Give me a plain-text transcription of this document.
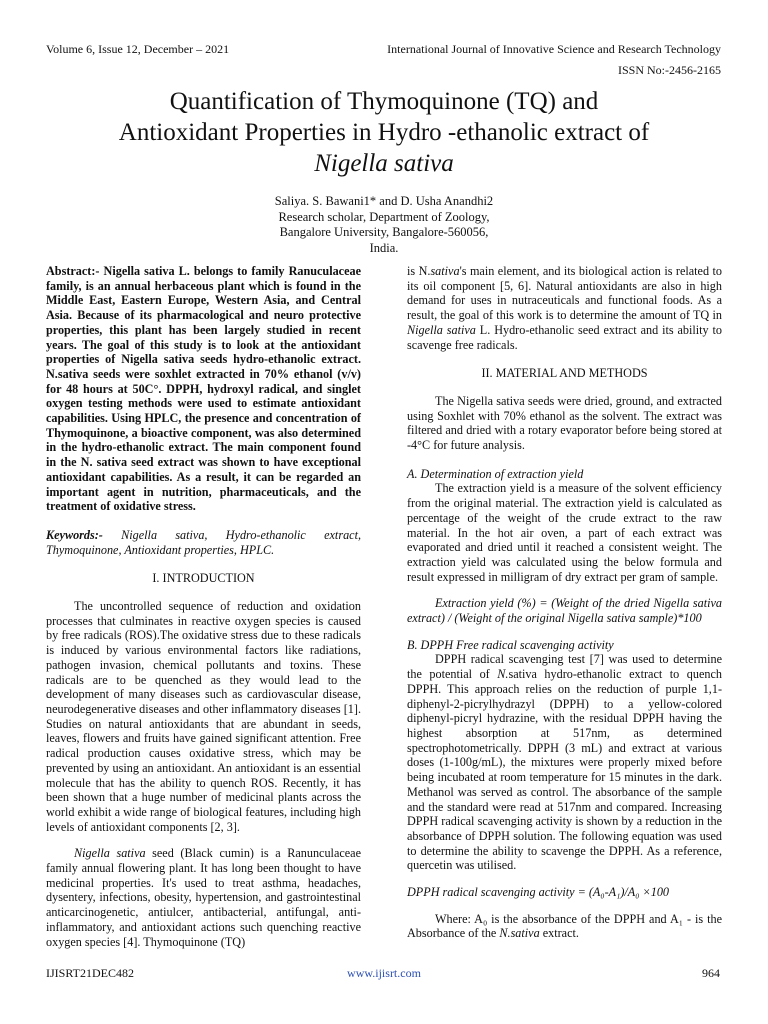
Volume 6, Issue 12, December – 2021	International Journal of Innovative Science and Research Technology
ISSN No:-2456-2165
Quantification of Thymoquinone (TQ) and
Antioxidant Properties in Hydro -ethanolic extract of
Nigella sativa
Saliya. S. Bawani1* and D. Usha Anandhi2
Research scholar, Department of Zoology,
Bangalore University, Bangalore-560056,
India.

Abstract:- Nigella sativa L. belongs to family Ranuculaceae family, is an annual herbaceous plant which is found in the Middle East, Eastern Europe, Western Asia, and Central Asia. Because of its pharmacological and neuro protective properties, this plant has been largely studied in recent years. The goal of this study is to look at the antioxidant properties of Nigella sativa seeds hydro-ethanolic extract. N.sativa seeds were soxhlet extracted in 70% ethanol (v/v) for 48 hours at 50C°. DPPH, hydroxyl radical, and singlet oxygen testing methods were used to estimate antioxidant capabilities. Using HPLC, the presence and concentration of Thymoquinone, a bioactive component, was also determined in the hydro-ethanolic extract. The main component found in the N. sativa seed extract was shown to have exceptional antioxidant capabilities. As a result, it can be regarded an important agent in nutrition, pharmaceuticals, and the treatment of oxidative stress.

Keywords:- Nigella sativa, Hydro-ethanolic extract, Thymoquinone, Antioxidant properties, HPLC.

I. INTRODUCTION

The uncontrolled sequence of reduction and oxidation processes that culminates in reactive oxygen species is caused by free radicals (ROS).The oxidative stress due to these radicals is induced by various environmental factors like radiations, pathogen invasion, chemical pollutants and toxins. These radicals are to be quenched as they would lead to the development of many diseases such as cardiovascular disease, neurodegenerative diseases and other inflammatory diseases [1]. Studies on natural antioxidants that are abundant in seeds, leaves, flowers and fruits have gained significant attention. Free radical production causes oxidative stress, which may be prevented by using an antioxidant. An antioxidant is an essential molecule that has the ability to quench ROS. Recently, it has been shown that a huge number of medicinal plants across the world exhibit a wide range of biological features, including high levels of antioxidant components [2, 3].

Nigella sativa seed (Black cumin) is a Ranunculaceae family annual flowering plant. It has long been thought to have medicinal properties. It's used to treat asthma, headaches, dysentery, infections, obesity, hypertension, and gastrointestinal anticarcinogenetic, antiulcer, antibacterial, antifungal, anti-inflammatory, and antioxidant actions such quenching reactive oxygen species [4]. Thymoquinone (TQ)

is N.sativa's main element, and its biological action is related to its oil component [5, 6]. Natural antioxidants are also in high demand for uses in nutraceuticals and functional foods. As a result, the goal of this work is to determine the amount of TQ in Nigella sativa L. Hydro-ethanolic seed extract and its ability to scavenge free radicals.

II. MATERIAL AND METHODS

The Nigella sativa seeds were dried, ground, and extracted using Soxhlet with 70% ethanol as the solvent. The extract was filtered and dried with a rotary evaporator before being stored at -4°C for future analysis.

A. Determination of extraction yield

The extraction yield is a measure of the solvent efficiency from the original material. The extraction yield is calculated as percentage of the weight of the crude extract to the raw material. In the hot air oven, a part of each extract was evaporated and dried until it reached a consistent weight. The extraction yield was calculated using the below formula and result expressed in milligram of dry extract per gram of sample.

Extraction yield (%) = (Weight of the dried Nigella sativa extract) / (Weight of the original Nigella sativa sample)*100

B. DPPH Free radical scavenging activity

DPPH radical scavenging test [7] was used to determine the potential of N.sativa hydro-ethanolic extract to quench DPPH. This approach relies on the reduction of purple 1,1-diphenyl-2-picrylhydrazyl (DPPH) to a yellow-colored diphenyl-picryl hydrazine, with the residual DPPH having the highest absorption at 517nm, as determined spectrophotometrically. DPPH (3 mL) and extract at various doses (1-100g/mL), the mixtures were properly mixed before being incubated at room temperature for 15 minutes in the dark. Methanol was served as control. The absorbance of the sample and the standard were read at 517nm and compared. Increasing DPPH radical scavenging activity is shown by a reduction in the absorbance of DPPH solution. The following equation was used to determine the ability to scavenge the DPPH. As a reference, quercetin was utilised.

DPPH radical scavenging activity = (A₀-A₁)/A₀ ×100

Where: A₀ is the absorbance of the DPPH and A₁ - is the Absorbance of the N.sativa extract.

IJISRT21DEC482	www.ijisrt.com	964
